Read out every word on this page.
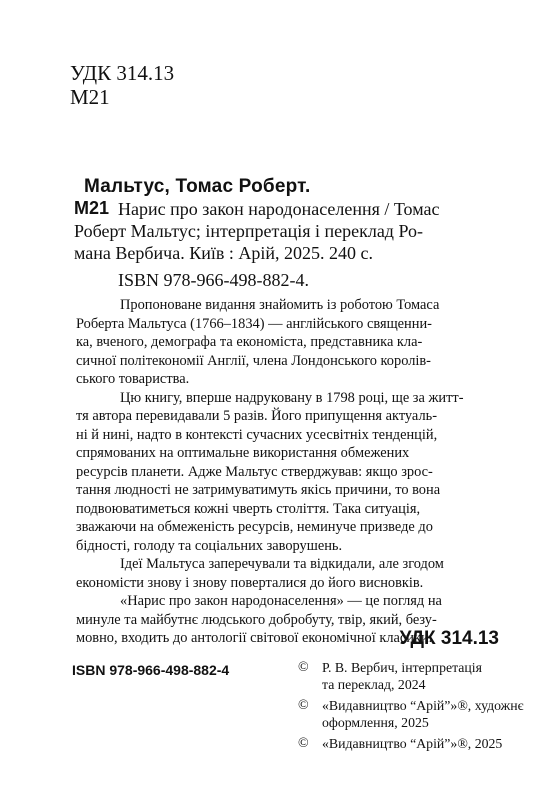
УДК 314.13
М21
Мальтус, Томас Роберт.
М21 Нарис про закон народонаселення / Томас
Роберт Мальтус; інтерпретація і переклад Ро-
мана Вербича. Київ : Арій, 2025. 240 с.
ISBN 978-966-498-882-4.

Пропоноване видання знайомить із роботою Томаса
Роберта Мальтуса (1766–1834) — англійського священни-
ка, вченого, демографа та економіста, представника кла-
сичної політекономії Англії, члена Лондонського королів-
ського товариства.

Цю книгу, вперше надруковану в 1798 році, ще за житт-
тя автора перевидавали 5 разів. Його припущення актуаль-
ні й нині, надто в контексті сучасних усесвітніх тенденцій,
спрямованих на оптимальне використання обмежених
ресурсів планети. Адже Мальтус стверджував: якщо зрос-
тання людності не затримуватимуть якісь причини, то вона
подвоюватиметься кожні чверть століття. Така ситуація,
зважаючи на обмеженість ресурсів, неминуче призведе до
бідності, голоду та соціальних заворушень.

Ідеї Мальтуса заперечували та відкидали, але згодом
економісти знову і знову поверталися до його висновків.

«Нарис про закон народонаселення» — це погляд на
минуле та майбутнє людського добробуту, твір, який, безу-
мовно, входить до антології світової економічної класики.

УДК 314.13
ISBN 978-966-498-882-4	© Р. В. Вербич, інтерпретація
та переклад, 2024
© «Видавництво “Арій”»®, художнє
оформлення, 2025
© «Видавництво “Арій”»®, 2025
